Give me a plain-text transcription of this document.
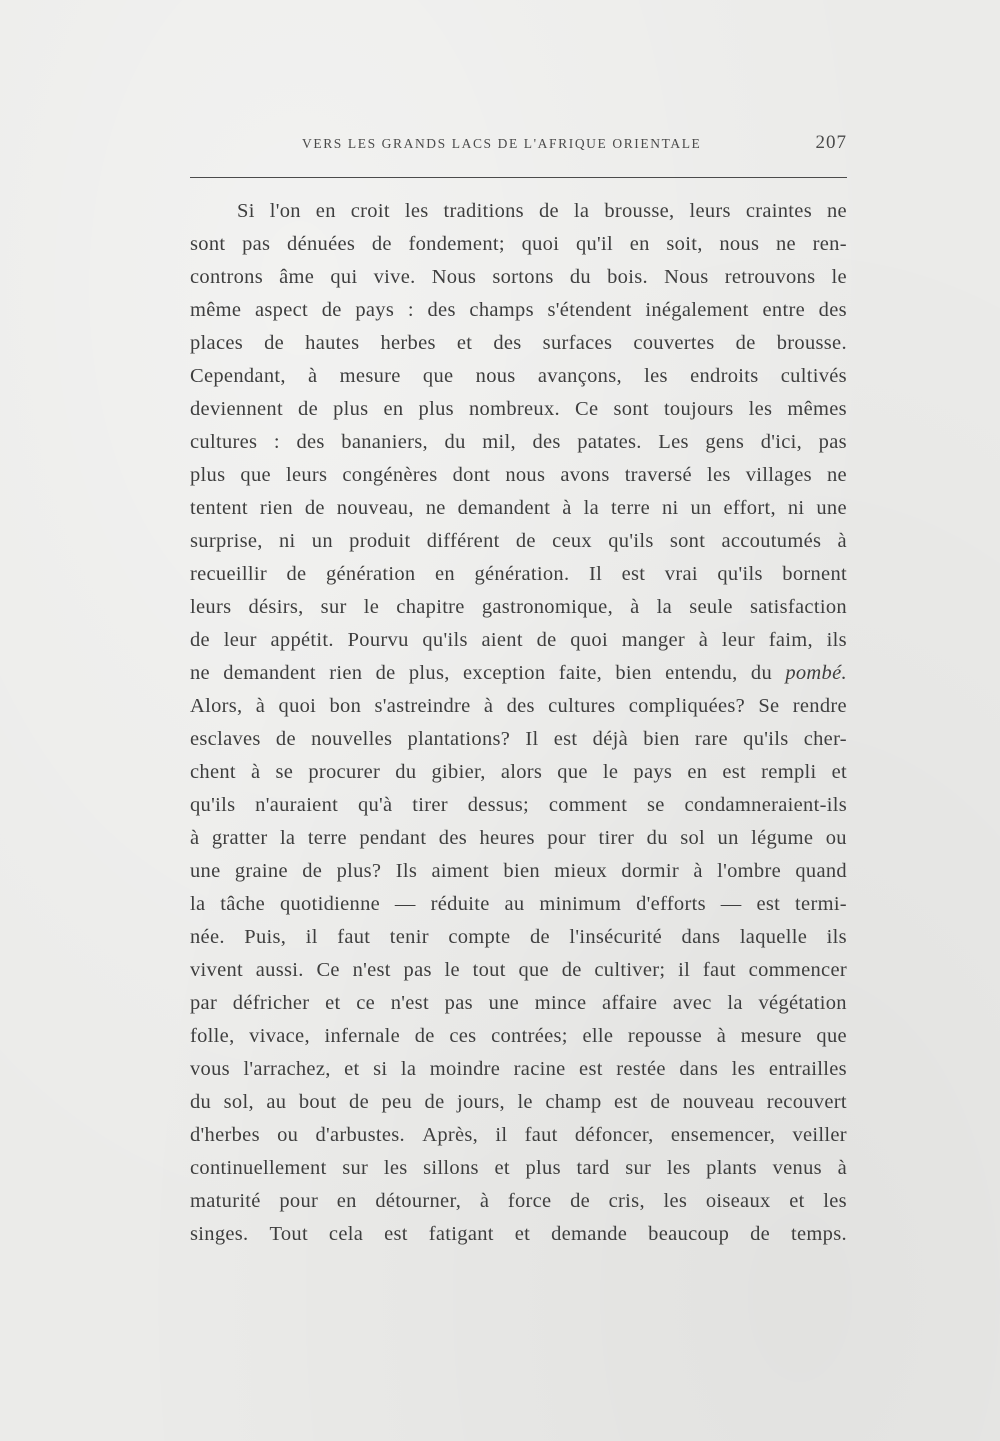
VERS LES GRANDS LACS DE L'AFRIQUE ORIENTALE	207
Si l'on en croit les traditions de la brousse, leurs craintes ne
sont pas dénuées de fondement; quoi qu'il en soit, nous ne ren-
controns âme qui vive. Nous sortons du bois. Nous retrouvons le
même aspect de pays : des champs s'étendent inégalement entre des
places de hautes herbes et des surfaces couvertes de brousse.
Cependant, à mesure que nous avançons, les endroits cultivés
deviennent de plus en plus nombreux. Ce sont toujours les mêmes
cultures : des bananiers, du mil, des patates. Les gens d'ici, pas
plus que leurs congénères dont nous avons traversé les villages ne
tentent rien de nouveau, ne demandent à la terre ni un effort, ni une
surprise, ni un produit différent de ceux qu'ils sont accoutumés à
recueillir de génération en génération. Il est vrai qu'ils bornent
leurs désirs, sur le chapitre gastronomique, à la seule satisfaction
de leur appétit. Pourvu qu'ils aient de quoi manger à leur faim, ils
ne demandent rien de plus, exception faite, bien entendu, du pombé.
Alors, à quoi bon s'astreindre à des cultures compliquées? Se rendre
esclaves de nouvelles plantations? Il est déjà bien rare qu'ils cher-
chent à se procurer du gibier, alors que le pays en est rempli et
qu'ils n'auraient qu'à tirer dessus; comment se condamneraient-ils
à gratter la terre pendant des heures pour tirer du sol un légume ou
une graine de plus? Ils aiment bien mieux dormir à l'ombre quand
la tâche quotidienne — réduite au minimum d'efforts — est termi-
née. Puis, il faut tenir compte de l'insécurité dans laquelle ils
vivent aussi. Ce n'est pas le tout que de cultiver; il faut commencer
par défricher et ce n'est pas une mince affaire avec la végétation
folle, vivace, infernale de ces contrées; elle repousse à mesure que
vous l'arrachez, et si la moindre racine est restée dans les entrailles
du sol, au bout de peu de jours, le champ est de nouveau recouvert
d'herbes ou d'arbustes. Après, il faut défoncer, ensemencer, veiller
continuellement sur les sillons et plus tard sur les plants venus à
maturité pour en détourner, à force de cris, les oiseaux et les
singes. Tout cela est fatigant et demande beaucoup de temps.
